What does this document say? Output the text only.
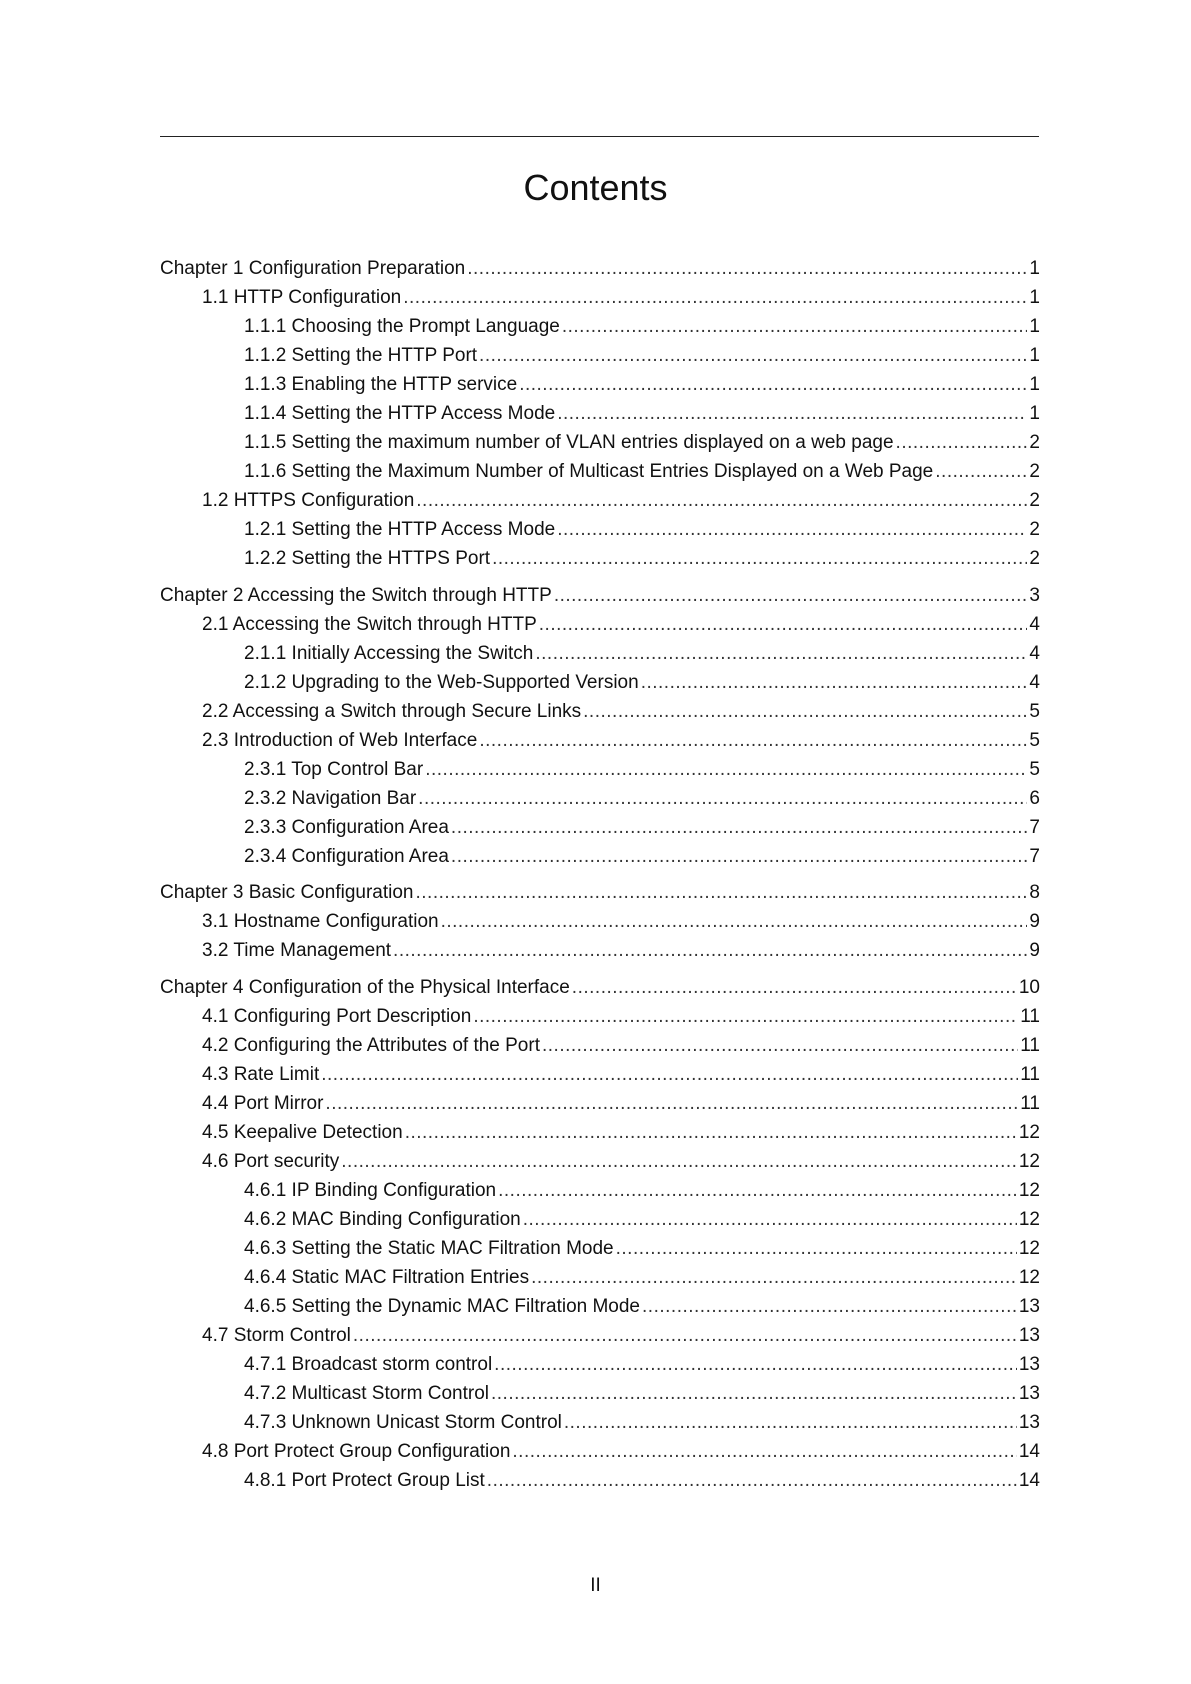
Contents
Chapter 1 Configuration Preparation .....	1
1.1 HTTP Configuration .....	1
1.1.1 Choosing the Prompt Language .....	1
1.1.2 Setting the HTTP Port .....	1
1.1.3 Enabling the HTTP service .....	1
1.1.4 Setting the HTTP Access Mode .....	1
1.1.5 Setting the maximum number of VLAN entries displayed on a web page .....	2
1.1.6 Setting the Maximum Number of Multicast Entries Displayed on a Web Page .....	2
1.2 HTTPS Configuration .....	2
1.2.1 Setting the HTTP Access Mode .....	2
1.2.2 Setting the HTTPS Port .....	2
Chapter 2 Accessing the Switch through HTTP .....	3
2.1 Accessing the Switch through HTTP .....	4
2.1.1 Initially Accessing the Switch .....	4
2.1.2 Upgrading to the Web-Supported Version .....	4
2.2 Accessing a Switch through Secure Links .....	5
2.3 Introduction of Web Interface .....	5
2.3.1 Top Control Bar .....	5
2.3.2 Navigation Bar .....	6
2.3.3 Configuration Area .....	7
2.3.4 Configuration Area .....	7
Chapter 3 Basic Configuration .....	8
3.1 Hostname Configuration .....	9
3.2 Time Management .....	9
Chapter 4 Configuration of the Physical Interface .....	10
4.1 Configuring Port Description .....	11
4.2 Configuring the Attributes of the Port .....	11
4.3 Rate Limit .....	11
4.4 Port Mirror .....	11
4.5 Keepalive Detection .....	12
4.6 Port security .....	12
4.6.1 IP Binding Configuration .....	12
4.6.2 MAC Binding Configuration .....	12
4.6.3 Setting the Static MAC Filtration Mode .....	12
4.6.4 Static MAC Filtration Entries .....	12
4.6.5 Setting the Dynamic MAC Filtration Mode .....	13
4.7 Storm Control .....	13
4.7.1 Broadcast storm control .....	13
4.7.2 Multicast Storm Control .....	13
4.7.3 Unknown Unicast Storm Control .....	13
4.8 Port Protect Group Configuration .....	14
4.8.1 Port Protect Group List .....	14
II
